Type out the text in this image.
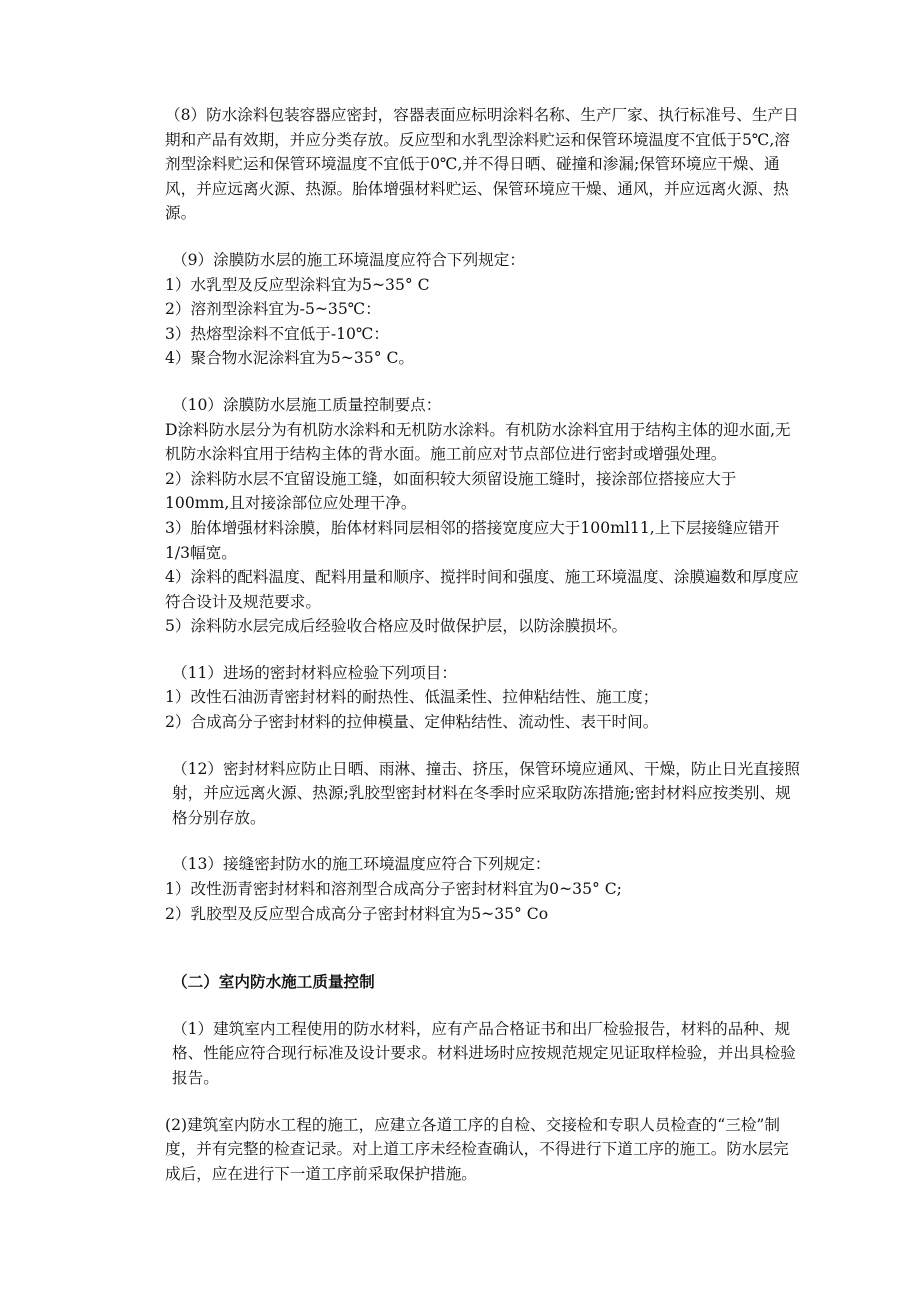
（8）防水涂料包装容器应密封，容器表面应标明涂料名称、生产厂家、执行标准号、生产日期和产品有效期，并应分类存放。反应型和水乳型涂料贮运和保管环境温度不宜低于5℃,溶剂型涂料贮运和保管环境温度不宜低于0℃,并不得日晒、碰撞和渗漏;保管环境应干燥、通风，并应远离火源、热源。胎体增强材料贮运、保管环境应干燥、通风，并应远离火源、热源。

（9）涂膜防水层的施工环境温度应符合下列规定：

1）水乳型及反应型涂料宜为5~35° C

2）溶剂型涂料宜为-5~35℃：

3）热熔型涂料不宜低于-10℃：

4）聚合物水泥涂料宜为5~35° C。

（10）涂膜防水层施工质量控制要点：

D涂料防水层分为有机防水涂料和无机防水涂料。有机防水涂料宜用于结构主体的迎水面,无机防水涂料宜用于结构主体的背水面。施工前应对节点部位进行密封或增强处理。

2）涂料防水层不宜留设施工缝，如面积较大须留设施工缝时，接涂部位搭接应大于100mm,且对接涂部位应处理干净。

3）胎体增强材料涂膜，胎体材料同层相邻的搭接宽度应大于100ml11,上下层接缝应错开1/3幅宽。

4）涂料的配料温度、配料用量和顺序、搅拌时间和强度、施工环境温度、涂膜遍数和厚度应符合设计及规范要求。

5）涂料防水层完成后经验收合格应及时做保护层，以防涂膜损坏。

（11）进场的密封材料应检验下列项目：

1）改性石油沥青密封材料的耐热性、低温柔性、拉伸粘结性、施工度；

2）合成高分子密封材料的拉伸模量、定伸粘结性、流动性、表干时间。

（12）密封材料应防止日晒、雨淋、撞击、挤压，保管环境应通风、干燥，防止日光直接照射，并应远离火源、热源;乳胶型密封材料在冬季时应采取防冻措施;密封材料应按类别、规格分别存放。

（13）接缝密封防水的施工环境温度应符合下列规定：

1）改性沥青密封材料和溶剂型合成高分子密封材料宜为0~35° C;

2）乳胶型及反应型合成高分子密封材料宜为5~35° Co

（二）室内防水施工质量控制

（1）建筑室内工程使用的防水材料，应有产品合格证书和出厂检验报告，材料的品种、规格、性能应符合现行标准及设计要求。材料进场时应按规范规定见证取样检验，并出具检验报告。

(2)建筑室内防水工程的施工，应建立各道工序的自检、交接检和专职人员检查的“三检”制度，并有完整的检查记录。对上道工序未经检查确认，不得进行下道工序的施工。防水层完成后，应在进行下一道工序前采取保护措施。
